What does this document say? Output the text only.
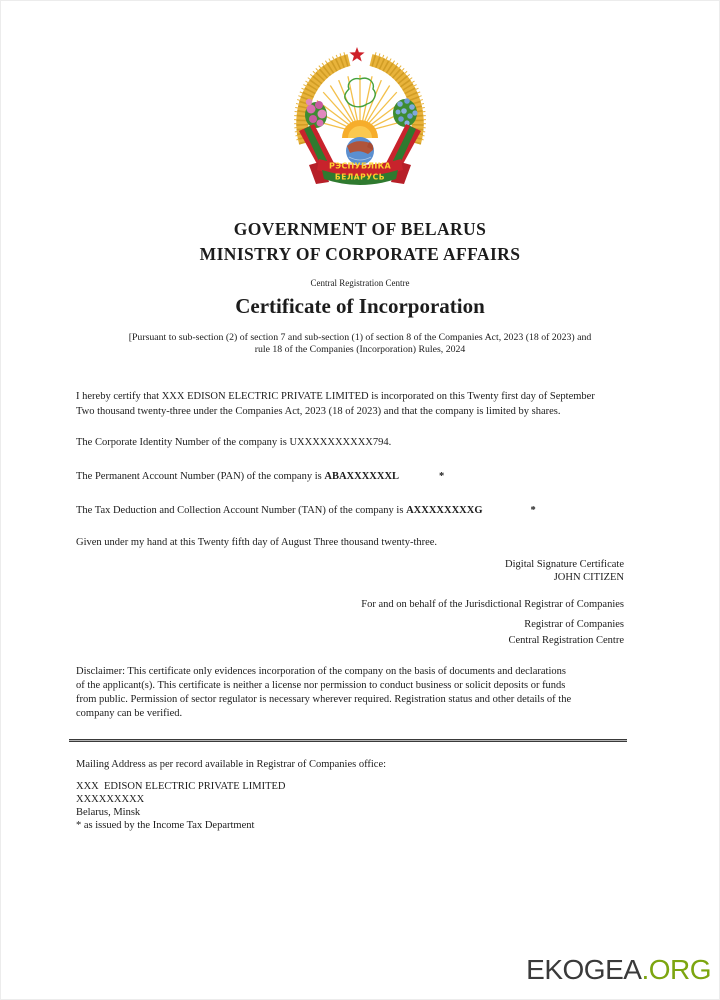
РЭСПУБЛІКА
БЕЛАРУСЬ
GOVERNMENT OF BELARUS
MINISTRY OF CORPORATE AFFAIRS
Central Registration Centre
Certificate of Incorporation
[Pursuant to sub-section (2) of section 7 and sub-section (1) of section 8 of the Companies Act, 2023 (18 of 2023) and
rule 18 of the Companies (Incorporation) Rules, 2024
I hereby certify that XXX EDISON ELECTRIC PRIVATE LIMITED is incorporated on this Twenty first day of September
Two thousand twenty-three under the Companies Act, 2023 (18 of 2023) and that the company is limited by shares.
The Corporate Identity Number of the company is UXXXXXXXXXX794.
The Permanent Account Number (PAN) of the company is ABAXXXXXXL	*
The Tax Deduction and Collection Account Number (TAN) of the company is AXXXXXXXXG	*
Given under my hand at this Twenty fifth day of August Three thousand twenty-three.
Digital Signature Certificate
JOHN CITIZEN
For and on behalf of the Jurisdictional Registrar of Companies
Registrar of Companies
Central Registration Centre
Disclaimer: This certificate only evidences incorporation of the company on the basis of documents and declarations
of the applicant(s). This certificate is neither a license nor permission to conduct business or solicit deposits or funds
from public. Permission of sector regulator is necessary wherever required. Registration status and other details of the
company can be verified.
Mailing Address as per record available in Registrar of Companies office:
XXX  EDISON ELECTRIC PRIVATE LIMITED
XXXXXXXXX
Belarus, Minsk
* as issued by the Income Tax Department
EKOGEA.ORG
